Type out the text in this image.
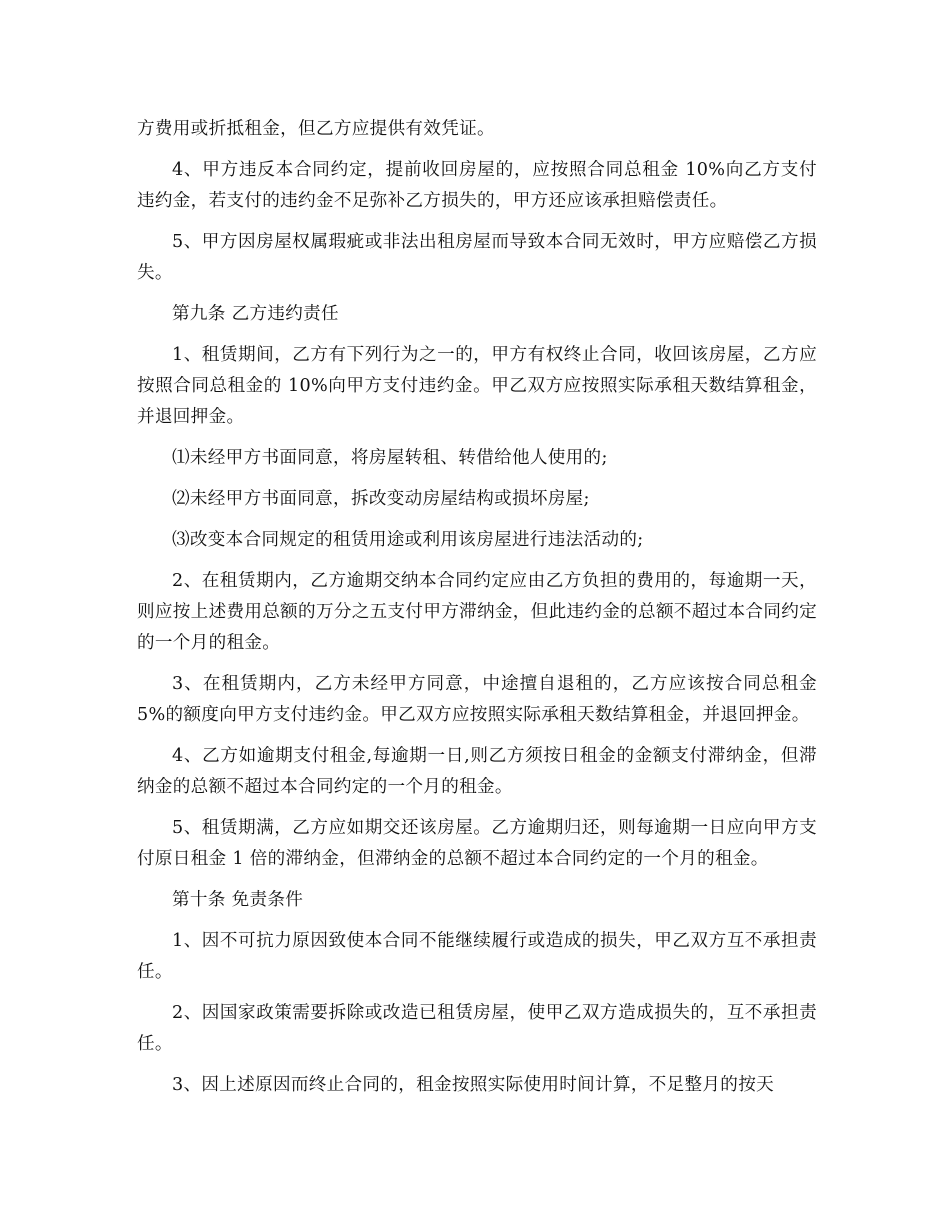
方费用或折抵租金，但乙方应提供有效凭证。

4、甲方违反本合同约定，提前收回房屋的，应按照合同总租金 10%向乙方支付违约金，若支付的违约金不足弥补乙方损失的，甲方还应该承担赔偿责任。

5、甲方因房屋权属瑕疵或非法出租房屋而导致本合同无效时，甲方应赔偿乙方损失。

第九条 乙方违约责任

1、租赁期间，乙方有下列行为之一的，甲方有权终止合同，收回该房屋，乙方应按照合同总租金的 10%向甲方支付违约金。甲乙双方应按照实际承租天数结算租金，并退回押金。

⑴未经甲方书面同意，将房屋转租、转借给他人使用的;

⑵未经甲方书面同意，拆改变动房屋结构或损坏房屋;

⑶改变本合同规定的租赁用途或利用该房屋进行违法活动的;

2、在租赁期内，乙方逾期交纳本合同约定应由乙方负担的费用的，每逾期一天，则应按上述费用总额的万分之五支付甲方滞纳金，但此违约金的总额不超过本合同约定的一个月的租金。

3、在租赁期内，乙方未经甲方同意，中途擅自退租的，乙方应该按合同总租金 5%的额度向甲方支付违约金。甲乙双方应按照实际承租天数结算租金，并退回押金。

4、乙方如逾期支付租金,每逾期一日,则乙方须按日租金的金额支付滞纳金，但滞纳金的总额不超过本合同约定的一个月的租金。

5、租赁期满，乙方应如期交还该房屋。乙方逾期归还，则每逾期一日应向甲方支付原日租金 1 倍的滞纳金，但滞纳金的总额不超过本合同约定的一个月的租金。

第十条 免责条件

1、因不可抗力原因致使本合同不能继续履行或造成的损失，甲乙双方互不承担责任。

2、因国家政策需要拆除或改造已租赁房屋，使甲乙双方造成损失的，互不承担责任。

3、因上述原因而终止合同的，租金按照实际使用时间计算，不足整月的按天
